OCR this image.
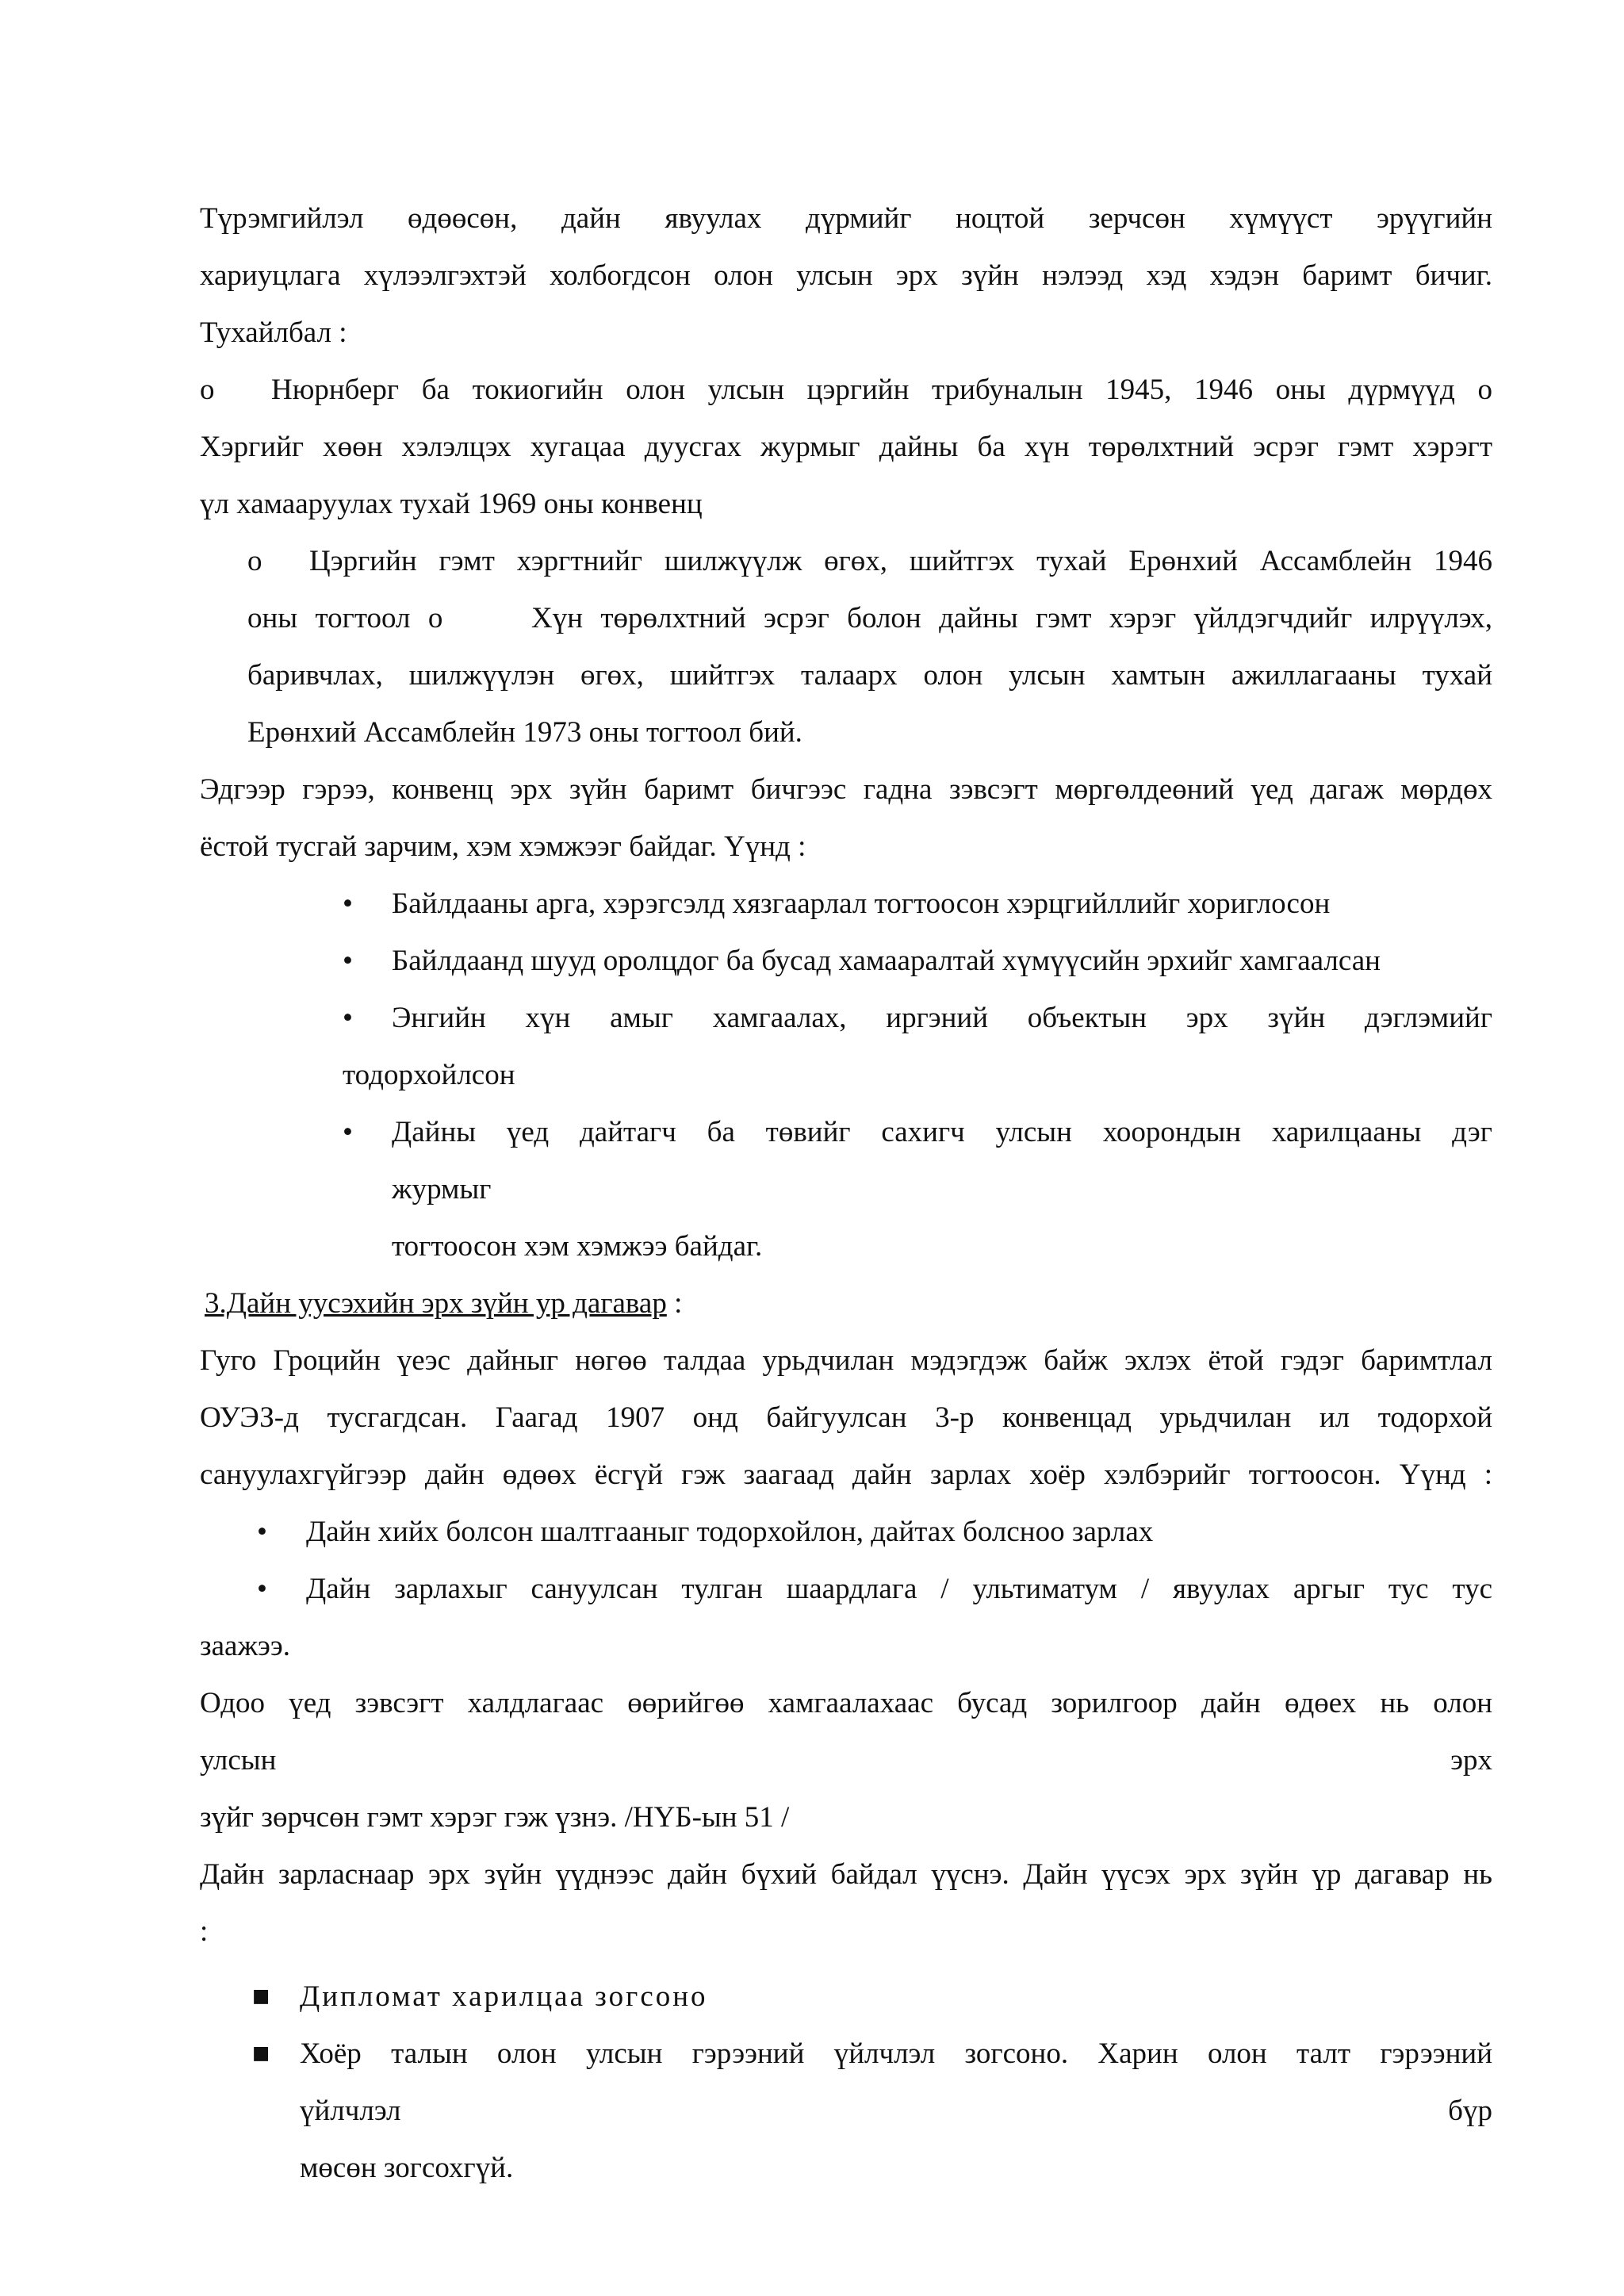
Түрэмгийлэл өдөөсөн, дайн явуулах дүрмийг ноцтой зерчсөн хүмүүст эрүүгийн
хариуцлага хүлээлгэхтэй холбогдсон олон улсын эрх зүйн нэлээд хэд хэдэн баримт бичиг.
Тухайлбал :

o Нюрнберг ба токиогийн олон улсын цэргийн трибуналын 1945, 1946 оны дүрмүүд о
Хэргийг хөөн хэлэлцэх хугацаа дуусгах журмыг дайны ба хүн төрөлхтний эсрэг гэмт хэрэгт
үл хамааруулах тухай 1969 оны конвенц
o Цэргийн гэмт хэргтнийг шилжүүлж өгөх, шийтгэх тухай Ерөнхий Ассамблейн 1946
оны тогтоол о     Хүн төрөлхтний эсрэг болон дайны гэмт хэрэг үйлдэгчдийг илрүүлэх,
баривчлах, шилжүүлэн өгөх, шийтгэх талаарх олон улсын хамтын ажиллагааны тухай
Ерөнхий Ассамблейн 1973 оны тогтоол бий.

Эдгээр гэрээ, конвенц эрх зүйн баримт бичгээс гадна зэвсэгт мөргөлдеөний үед дагаж мөрдөх
ёстой тусгай зарчим, хэм хэмжээг байдаг. Үүнд :

• Байлдааны арга, хэрэгсэлд хязгаарлал тогтоосон хэрцгийллийг хориглосон
• Байлдаанд шууд оролцдог ба бусад хамааралтай хүмүүсийн эрхийг хамгаалсан
• Энгийн хүн амыг хамгаалах, иргэний объектын эрх зүйн дэглэмийг
тодорхойлсон
• Дайны үед дайтагч ба төвийг сахигч улсын хоорондын харилцааны дэг
журмыг
тогтоосон хэм хэмжээ байдаг.

3.Дайн уусэхийн эрх зүйн ур дагавар :

Гуго Гроцийн үеэс дайныг нөгөө талдаа урьдчилан мэдэгдэж байж эхлэх ётой гэдэг баримтлал
ОУЭЗ-д тусгагдсан. Гаагад 1907 онд байгуулсан 3-р конвенцад урьдчилан ил тодорхой
сануулахгүйгээр дайн өдөөх ёсгүй гэж заагаад дайн зарлах хоёр хэлбэрийг тогтоосон. Үүнд :

• Дайн хийх болсон шалтгааныг тодорхойлон, дайтах болсноо зарлах
• Дайн зарлахыг сануулсан тулган шаардлага / ультиматум / явуулах аргыг тус тус
заажээ.

Одоо үед зэвсэгт халдлагаас өөрийгөө хамгаалахаас бусад зорилгоор дайн өдөех нь олон
улсын	эрх
зүйг зөрчсөн гэмт хэрэг гэж үзнэ. /НҮБ-ын 51 /

Дайн зарласнаар эрх зүйн үүднээс дайн бүхий байдал үүснэ. Дайн үүсэх эрх зүйн үр дагавар нь
:

■ Дипломат харилцаа зогсоно
■ Хоёр талын олон улсын гэрээний үйлчлэл зогсоно. Харин олон талт гэрээний
үйлчлэл	бүр
мөсөн зогсохгүй.
